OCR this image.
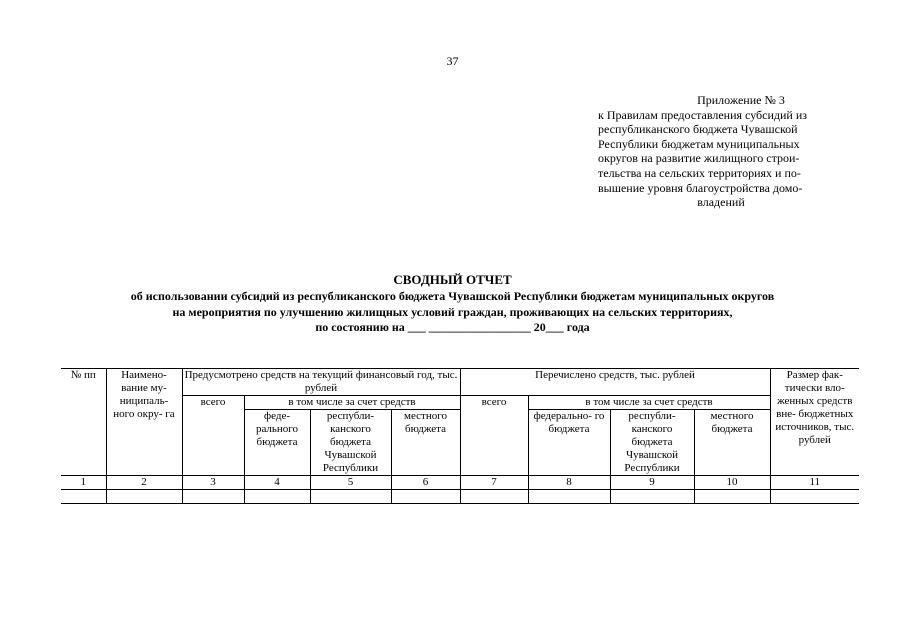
37
Приложение № 3
к Правилам предоставления субсидий из
республиканского бюджета Чувашской
Республики бюджетам муниципальных
округов на развитие жилищного строи-
тельства на сельских территориях и по-
вышение уровня благоустройства домо-
владений
СВОДНЫЙ ОТЧЕТ
об использовании субсидий из республиканского бюджета Чувашской Республики бюджетам муниципальных округов
на мероприятия по улучшению жилищных условий граждан, проживающих на сельских территориях,
по состоянию на ___ _________________ 20___ года
№ пп	Наимено- вание му- ниципаль- ного окру- га	Предусмотрено средств на текущий финансовый год, тыс. рублей				Перечислено средств, тыс. рублей				Размер фак- тически вло- женных средств вне- бюджетных источников, тыс. рублей
		всего	в том числе за счет средств			всего	в том числе за счет средств			
			феде- рального бюджета	республи- канского бюджета Чувашской Республики	местного бюджета		федерально- го бюджета	республи- канского бюджета Чувашской Республики	местного бюджета	
1	2	3	4	5	6	7	8	9	10	11
